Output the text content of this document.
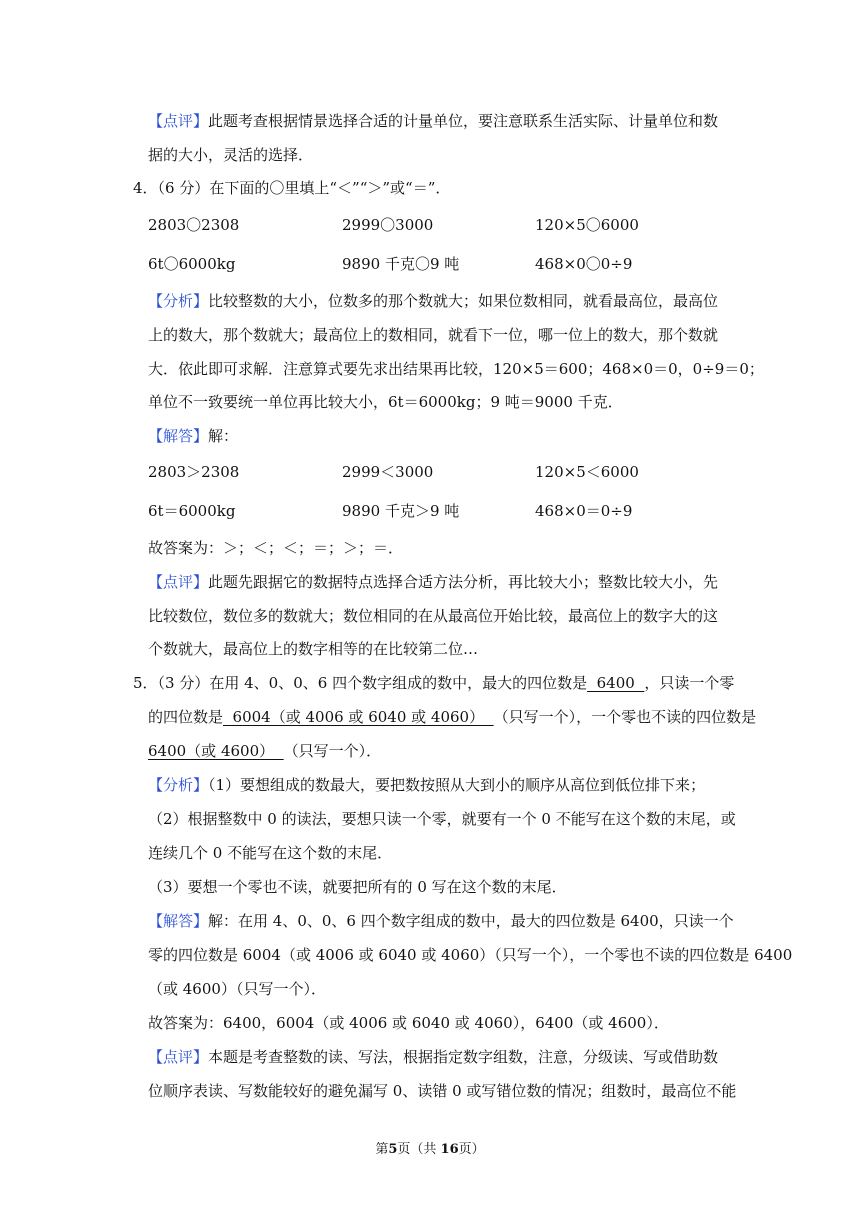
【点评】此题考查根据情景选择合适的计量单位，要注意联系生活实际、计量单位和数
据的大小，灵活的选择．
4．（6 分）在下面的〇里填上“＜”“＞”或“＝”．
2803〇2308	2999〇3000	120×5〇6000
6t〇6000kg	9890 千克〇9 吨	468×0〇0÷9
【分析】比较整数的大小，位数多的那个数就大；如果位数相同，就看最高位，最高位
上的数大，那个数就大；最高位上的数相同，就看下一位，哪一位上的数大，那个数就
大．依此即可求解．注意算式要先求出结果再比较，120×5＝600；468×0＝0，0÷9＝0；
单位不一致要统一单位再比较大小，6t＝6000kg；9 吨＝9000 千克．
【解答】解：
2803＞2308	2999＜3000	120×5＜6000
6t＝6000kg	9890 千克＞9 吨	468×0＝0÷9
故答案为：＞；＜；＜；＝；＞；＝．
【点评】此题先跟据它的数据特点选择合适方法分析，再比较大小；整数比较大小，先
比较数位，数位多的数就大；数位相同的在从最高位开始比较，最高位上的数字大的这
个数就大，最高位上的数字相等的在比较第二位…
5．（3 分）在用 4、0、0、6 四个数字组成的数中，最大的四位数是  6400  ，只读一个零
的四位数是  6004（或 4006 或 6040 或 4060）  （只写一个），一个零也不读的四位数是
6400（或 4600）  （只写一个）．
【分析】（1）要想组成的数最大，要把数按照从大到小的顺序从高位到低位排下来；
（2）根据整数中 0 的读法，要想只读一个零，就要有一个 0 不能写在这个数的末尾，或
连续几个 0 不能写在这个数的末尾．
（3）要想一个零也不读，就要把所有的 0 写在这个数的末尾．
【解答】解：在用 4、0、0、6 四个数字组成的数中，最大的四位数是 6400，只读一个
零的四位数是 6004（或 4006 或 6040 或 4060）（只写一个），一个零也不读的四位数是 6400
（或 4600）（只写一个）．
故答案为：6400，6004（或 4006 或 6040 或 4060），6400（或 4600）．
【点评】本题是考查整数的读、写法，根据指定数字组数，注意，分级读、写或借助数
位顺序表读、写数能较好的避免漏写 0、读错 0 或写错位数的情况；组数时，最高位不能
第5页（共 16页）
